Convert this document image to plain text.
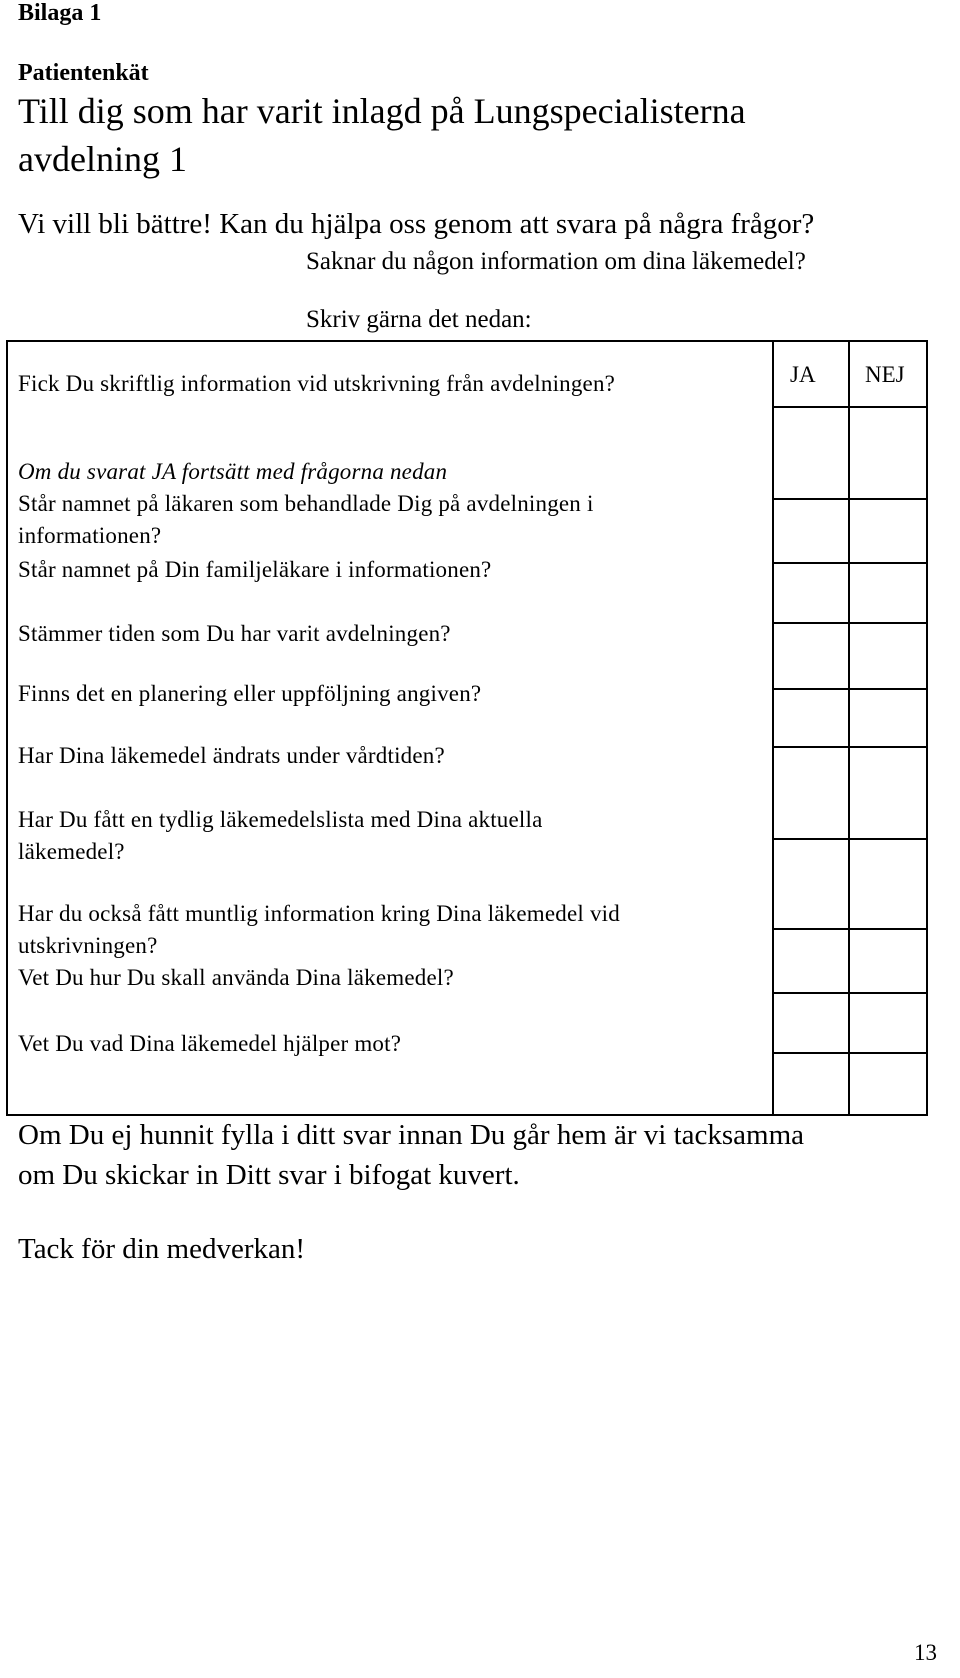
Bilaga 1
Patientenkät
Till dig som har varit inlagd på Lungspecialisterna
avdelning 1
Vi vill bli bättre! Kan du hjälpa oss genom att svara på några frågor?
Saknar du någon information om dina läkemedel?
Skriv gärna det nedan:
JA NEJ
Fick Du skriftlig information vid utskrivning från avdelningen?
Om du svarat JA fortsätt med frågorna nedan
Står namnet på läkaren som behandlade Dig på avdelningen i
informationen?
Står namnet på Din familjeläkare i informationen?
Stämmer tiden som Du har varit avdelningen?
Finns det en planering eller uppföljning angiven?
Har Dina läkemedel ändrats under vårdtiden?
Har Du fått en tydlig läkemedelslista med Dina aktuella
läkemedel?
Har du också fått muntlig information kring Dina läkemedel vid
utskrivningen?
Vet Du hur Du skall använda Dina läkemedel?
Vet Du vad Dina läkemedel hjälper mot?
Om Du ej hunnit fylla i ditt svar innan Du går hem är vi tacksamma
om Du skickar in Ditt svar i bifogat kuvert.
Tack för din medverkan!
13
